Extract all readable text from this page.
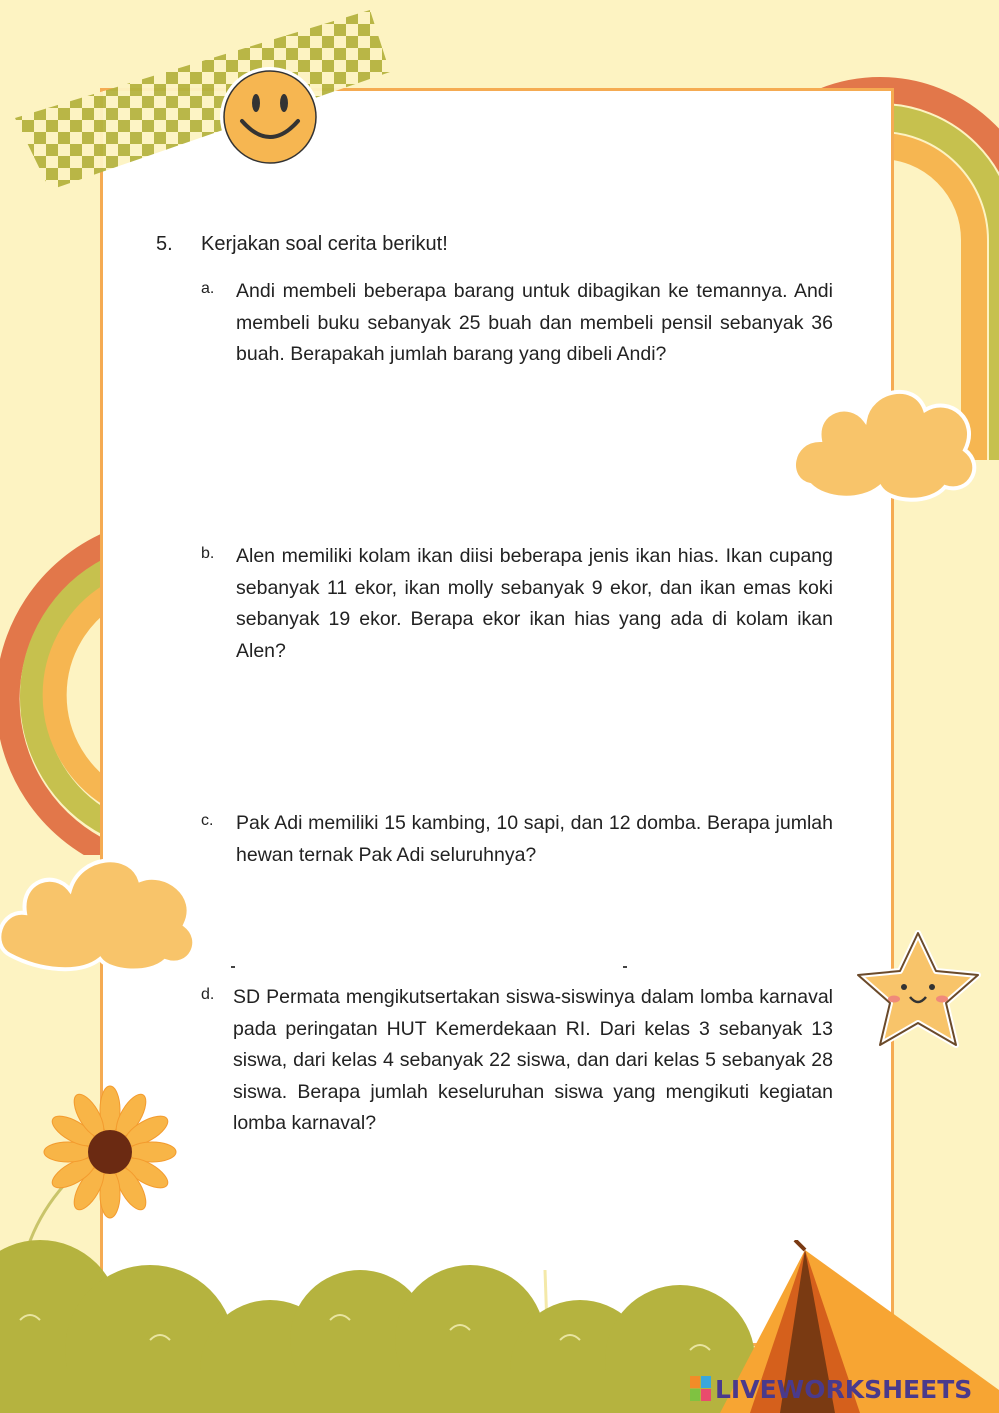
5. Kerjakan soal cerita berikut!
a.	Andi membeli beberapa barang untuk dibagikan ke temannya. Andi membeli buku sebanyak 25 buah dan membeli pensil sebanyak 36 buah. Berapakah jumlah barang yang dibeli Andi?
b.	Alen memiliki kolam ikan diisi beberapa jenis ikan hias. Ikan cupang sebanyak 11 ekor, ikan molly sebanyak 9 ekor, dan ikan emas koki sebanyak 19 ekor. Berapa ekor ikan hias yang ada di kolam ikan Alen?
c.	Pak Adi memiliki 15 kambing, 10 sapi, dan 12 domba. Berapa jumlah hewan ternak Pak Adi seluruhnya?
d. SD Permata mengikutsertakan siswa-siswinya dalam lomba karnaval pada peringatan HUT Kemerdekaan RI. Dari kelas 3 sebanyak 13 siswa, dari kelas 4 sebanyak 22 siswa, dan dari kelas 5 sebanyak 28 siswa. Berapa jumlah keseluruhan siswa yang mengikuti kegiatan lomba karnaval?
LIVEWORKSHEETS
